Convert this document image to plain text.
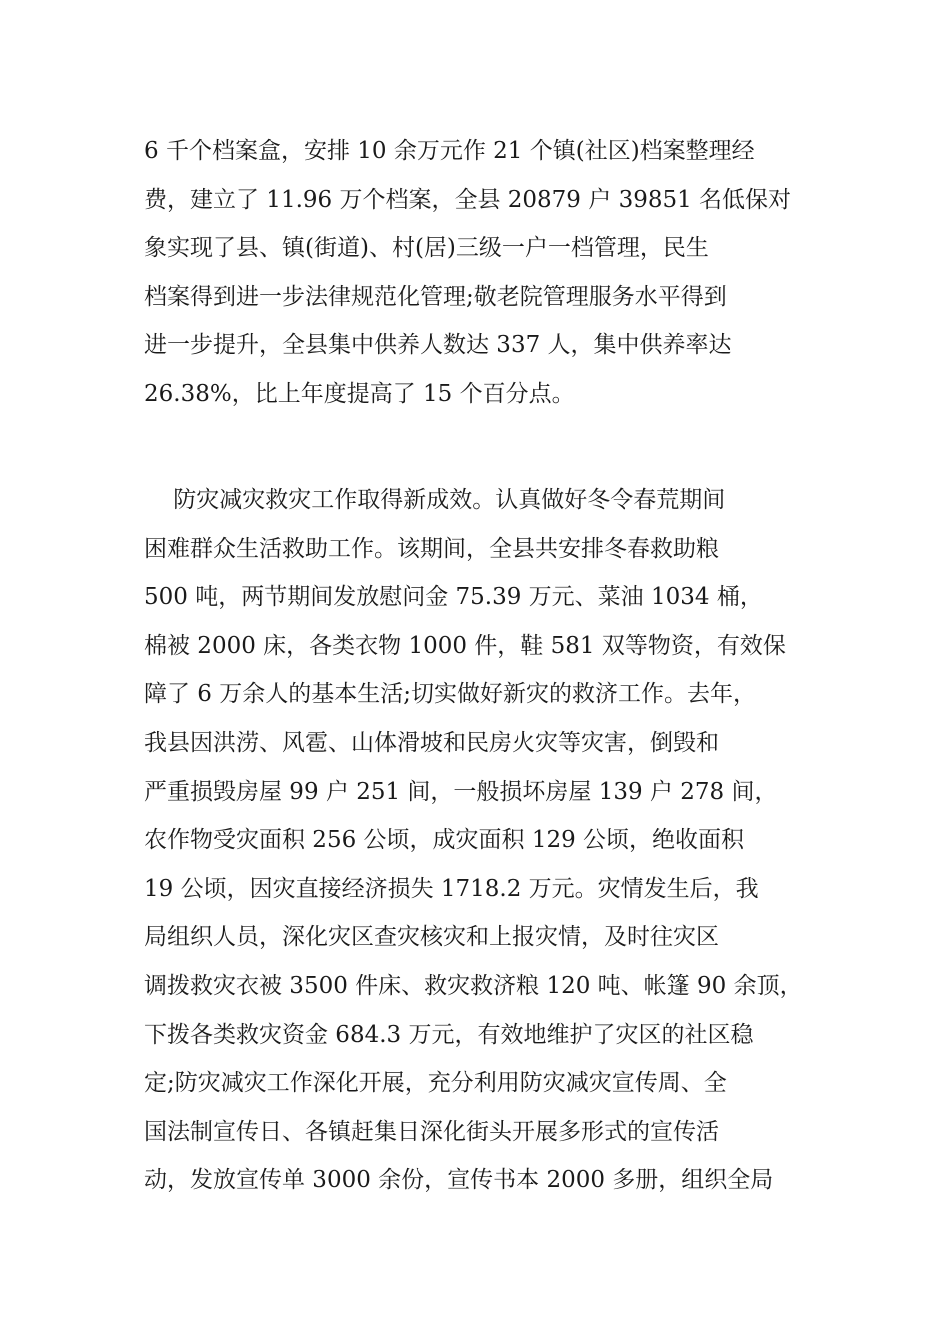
6 千个档案盒，安排 10 余万元作 21 个镇(社区)档案整理经
费，建立了 11.96 万个档案，全县 20879 户 39851 名低保对
象实现了县、镇(街道)、村(居)三级一户一档管理，民生
档案得到进一步法律规范化管理;敬老院管理服务水平得到
进一步提升，全县集中供养人数达 337 人，集中供养率达
26.38%，比上年度提高了 15 个百分点。
防灾减灾救灾工作取得新成效。认真做好冬令春荒期间
困难群众生活救助工作。该期间，全县共安排冬春救助粮
500 吨，两节期间发放慰问金 75.39 万元、菜油 1034 桶，
棉被 2000 床，各类衣物 1000 件，鞋 581 双等物资，有效保
障了 6 万余人的基本生活;切实做好新灾的救济工作。去年，
我县因洪涝、风雹、山体滑坡和民房火灾等灾害，倒毁和
严重损毁房屋 99 户 251 间，一般损坏房屋 139 户 278 间，
农作物受灾面积 256 公顷，成灾面积 129 公顷，绝收面积
19 公顷，因灾直接经济损失 1718.2 万元。灾情发生后，我
局组织人员，深化灾区查灾核灾和上报灾情，及时往灾区
调拨救灾衣被 3500 件床、救灾救济粮 120 吨、帐篷 90 余顶，
下拨各类救灾资金 684.3 万元，有效地维护了灾区的社区稳
定;防灾减灾工作深化开展，充分利用防灾减灾宣传周、全
国法制宣传日、各镇赶集日深化街头开展多形式的宣传活
动，发放宣传单 3000 余份，宣传书本 2000 多册，组织全局
